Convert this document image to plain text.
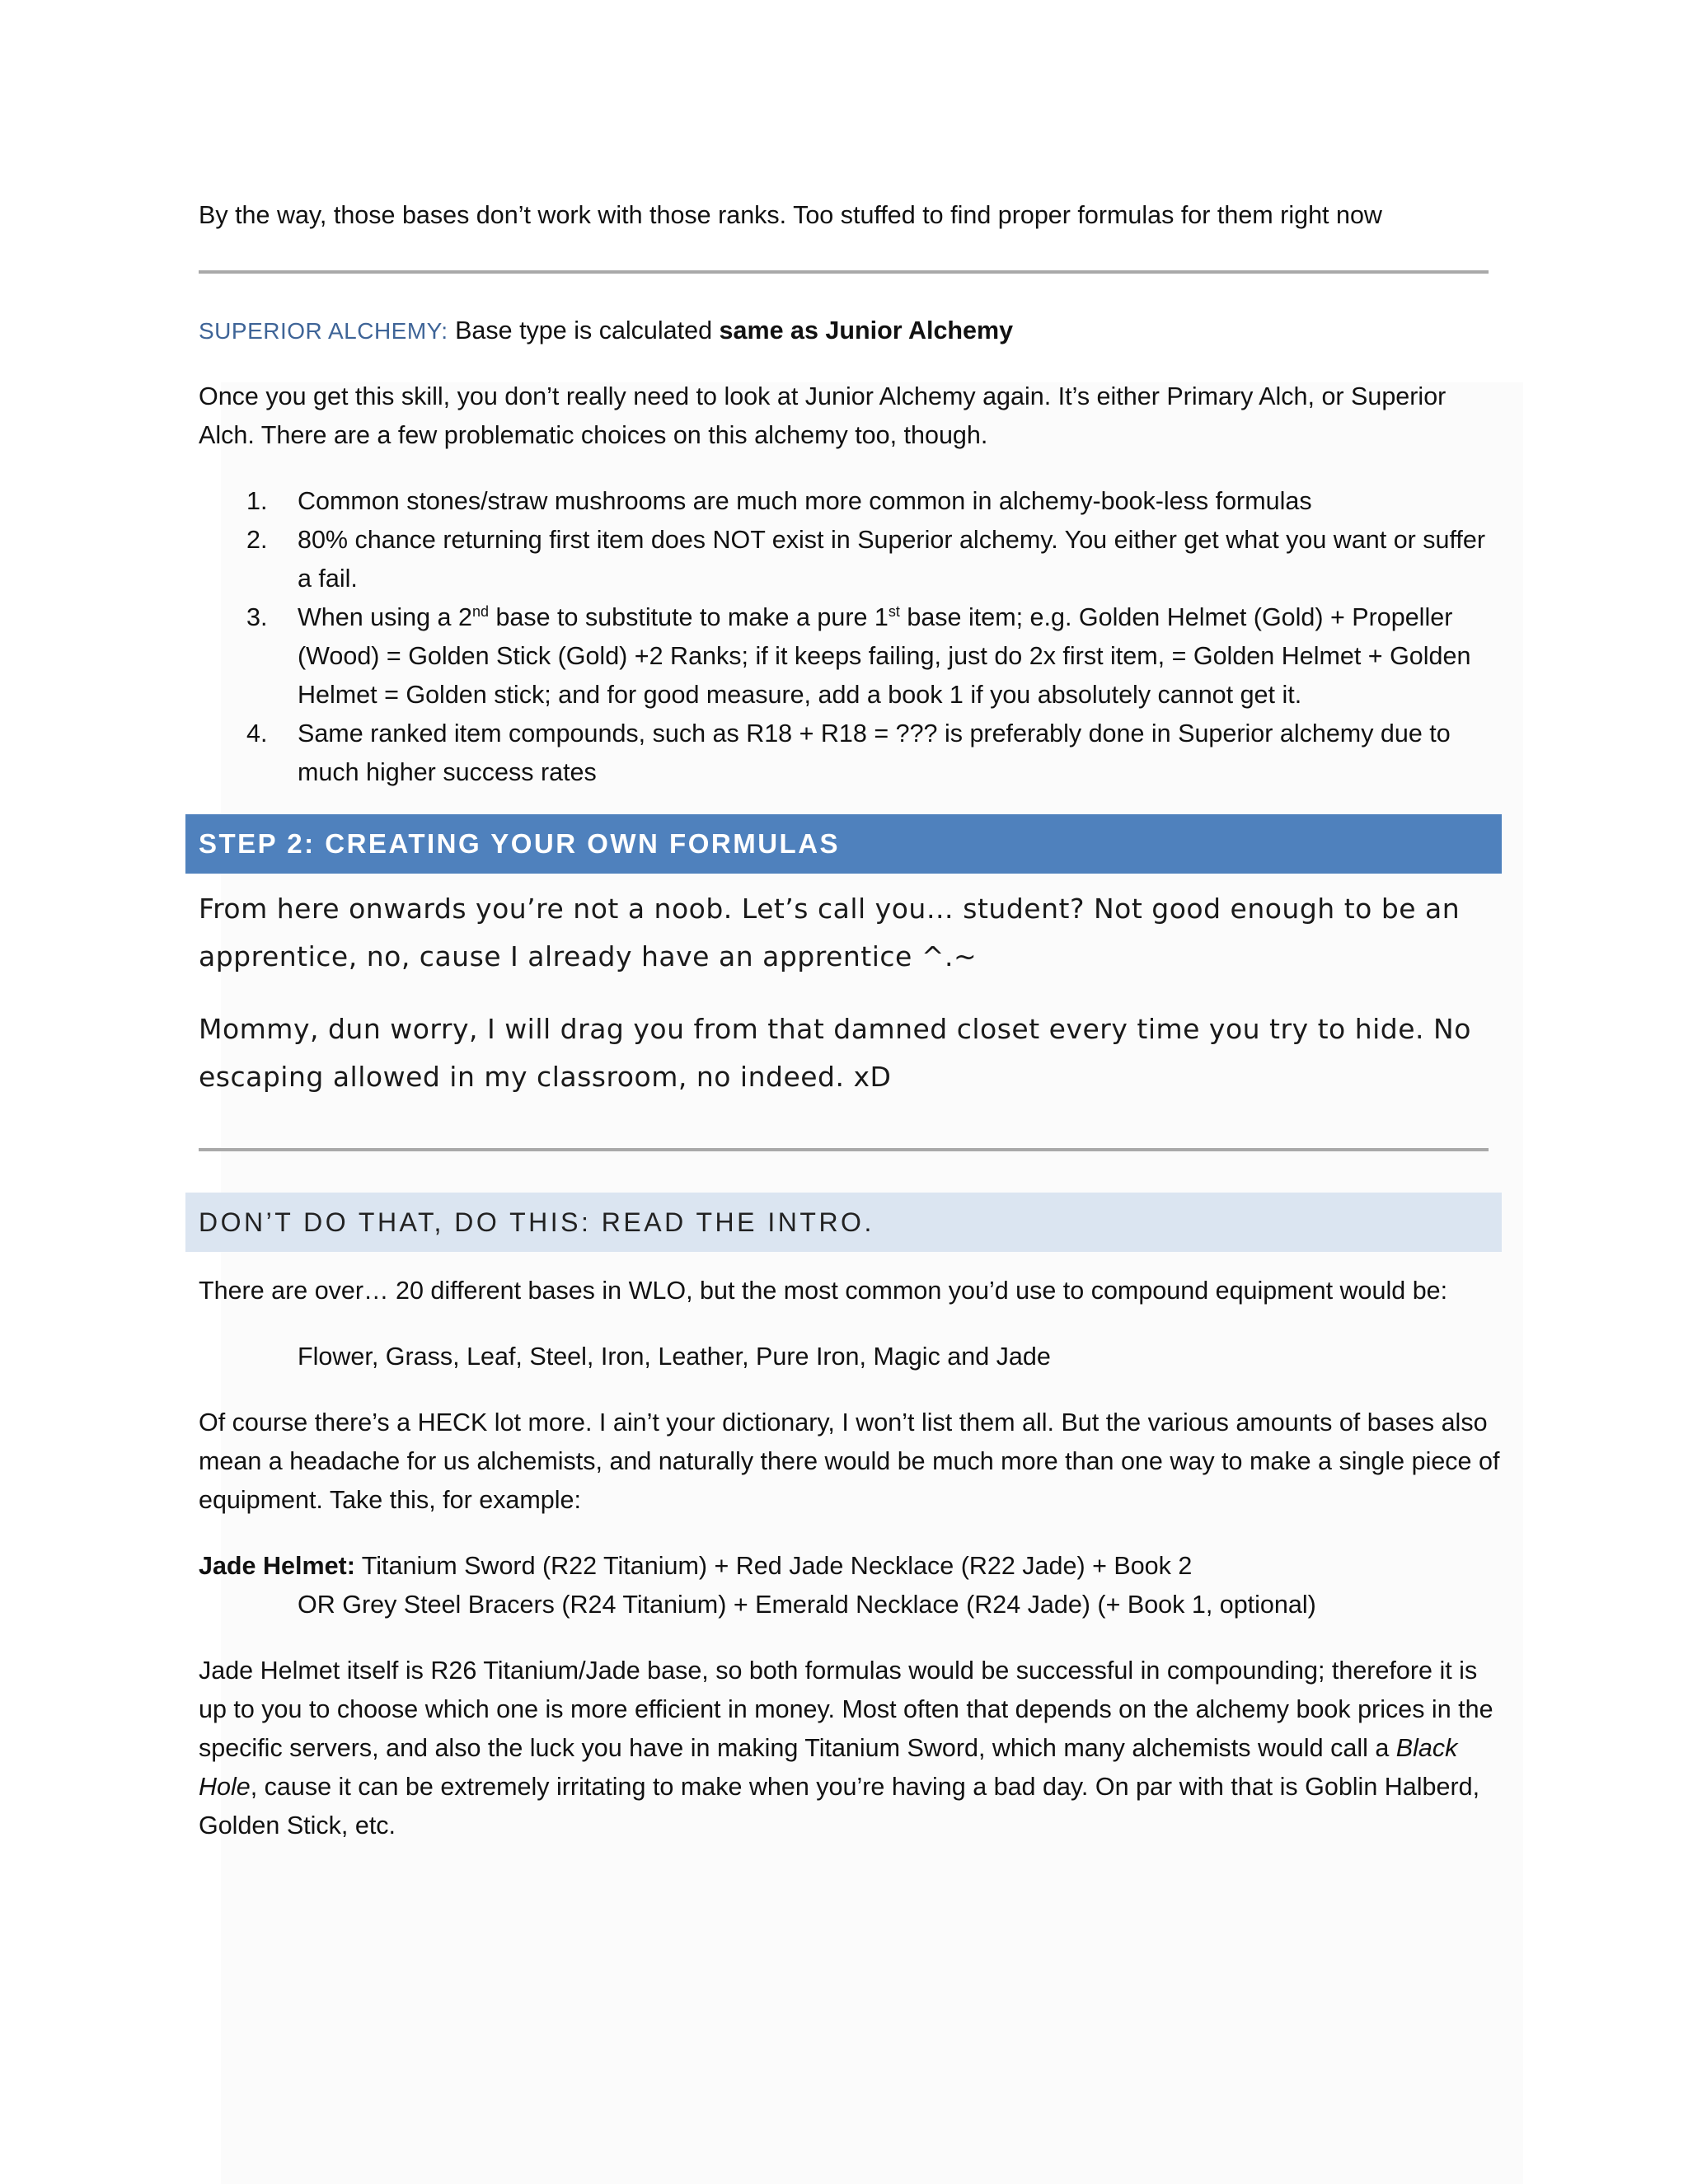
By the way, those bases don’t work with those ranks. Too stuffed to find proper formulas for them right now

SUPERIOR ALCHEMY: Base type is calculated same as Junior Alchemy

Once you get this skill, you don’t really need to look at Junior Alchemy again. It’s either Primary Alch, or Superior Alch. There are a few problematic choices on this alchemy too, though.

1. Common stones/straw mushrooms are much more common in alchemy-book-less formulas
2. 80% chance returning first item does NOT exist in Superior alchemy. You either get what you want or suffer a fail.
3. When using a 2nd base to substitute to make a pure 1st base item; e.g. Golden Helmet (Gold) + Propeller (Wood) = Golden Stick (Gold) +2 Ranks; if it keeps failing, just do 2x first item, = Golden Helmet + Golden Helmet = Golden stick; and for good measure, add a book 1 if you absolutely cannot get it.
4. Same ranked item compounds, such as R18 + R18 = ??? is preferably done in Superior alchemy due to much higher success rates
STEP 2: CREATING YOUR OWN FORMULAS

From here onwards you’re not a noob. Let’s call you… student? Not good enough to be an apprentice, no, cause I already have an apprentice ^.~

Mommy, dun worry, I will drag you from that damned closet every time you try to hide. No escaping allowed in my classroom, no indeed. xD

DON’T DO THAT, DO THIS: READ THE INTRO.

There are over… 20 different bases in WLO, but the most common you’d use to compound equipment would be:

Flower, Grass, Leaf, Steel, Iron, Leather, Pure Iron, Magic and Jade

Of course there’s a HECK lot more. I ain’t your dictionary, I won’t list them all. But the various amounts of bases also mean a headache for us alchemists, and naturally there would be much more than one way to make a single piece of equipment. Take this, for example:

Jade Helmet: Titanium Sword (R22 Titanium) + Red Jade Necklace (R22 Jade) + Book 2

OR Grey Steel Bracers (R24 Titanium) + Emerald Necklace (R24 Jade) (+ Book 1, optional)

Jade Helmet itself is R26 Titanium/Jade base, so both formulas would be successful in compounding; therefore it is up to you to choose which one is more efficient in money. Most often that depends on the alchemy book prices in the specific servers, and also the luck you have in making Titanium Sword, which many alchemists would call a Black Hole, cause it can be extremely irritating to make when you’re having a bad day. On par with that is Goblin Halberd, Golden Stick, etc.
